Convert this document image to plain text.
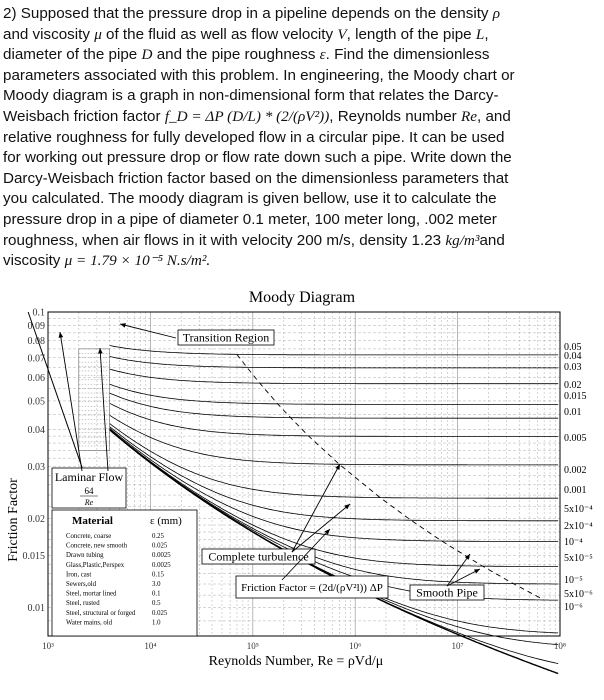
2) Supposed that the pressure drop in a pipeline depends on the density ρ
and viscosity μ of the fluid as well as flow velocity V, length of the pipe L,
diameter of the pipe D and the pipe roughness ε. Find the dimensionless
parameters associated with this problem. In engineering, the Moody chart or
Moody diagram is a graph in non-dimensional form that relates the Darcy-
Weisbach friction factor f_D = ΔP (D/L) * (2/(ρV²)), Reynolds number Re, and
relative roughness for fully developed flow in a circular pipe. It can be used
for working out pressure drop or flow rate down such a pipe. Write down the
Darcy-Weisbach friction factor based on the dimensionless parameters that
you calculated. The moody diagram is given bellow, use it to calculate the
pressure drop in a pipe of diameter 0.1 meter, 100 meter long, .002 meter
roughness, when air flows in it with velocity 200 m/s, density 1.23 kg/m³and
viscosity μ = 1.79 × 10⁻⁵ N.s/m².
Moody Diagram
0.1
0.09
0.08
0.07
0.06
0.05
0.04
0.03
0.02
0.015
0.01
10³	10⁴	10⁵	10⁶	10⁷	10⁸
Friction Factor
Reynolds Number, Re = ρVd/μ
Transition Region
Laminar Flow
64
Re
Material	ε (mm)
Concrete, coarse	0.25
Concrete, new smooth	0.025
Drawn tubing	0.0025
Glass,Plastic,Perspex	0.0025
Iron, cast	0.15
Sewers,old	3.0
Steel, mortar lined	0.1
Steel, rusted	0.5
Steel, structural or forged 0.025
Water mains, old	1.0
Complete turbulence
Friction Factor = (2d/(ρV²l)) ΔP	Smooth Pipe
0.05
0.04
0.03
0.02
0.015
0.01
0.005
0.002
0.001
5x10⁻⁴
2x10⁻⁴
10⁻⁴
5x10⁻⁵
10⁻⁵
5x10⁻⁶
10⁻⁶
